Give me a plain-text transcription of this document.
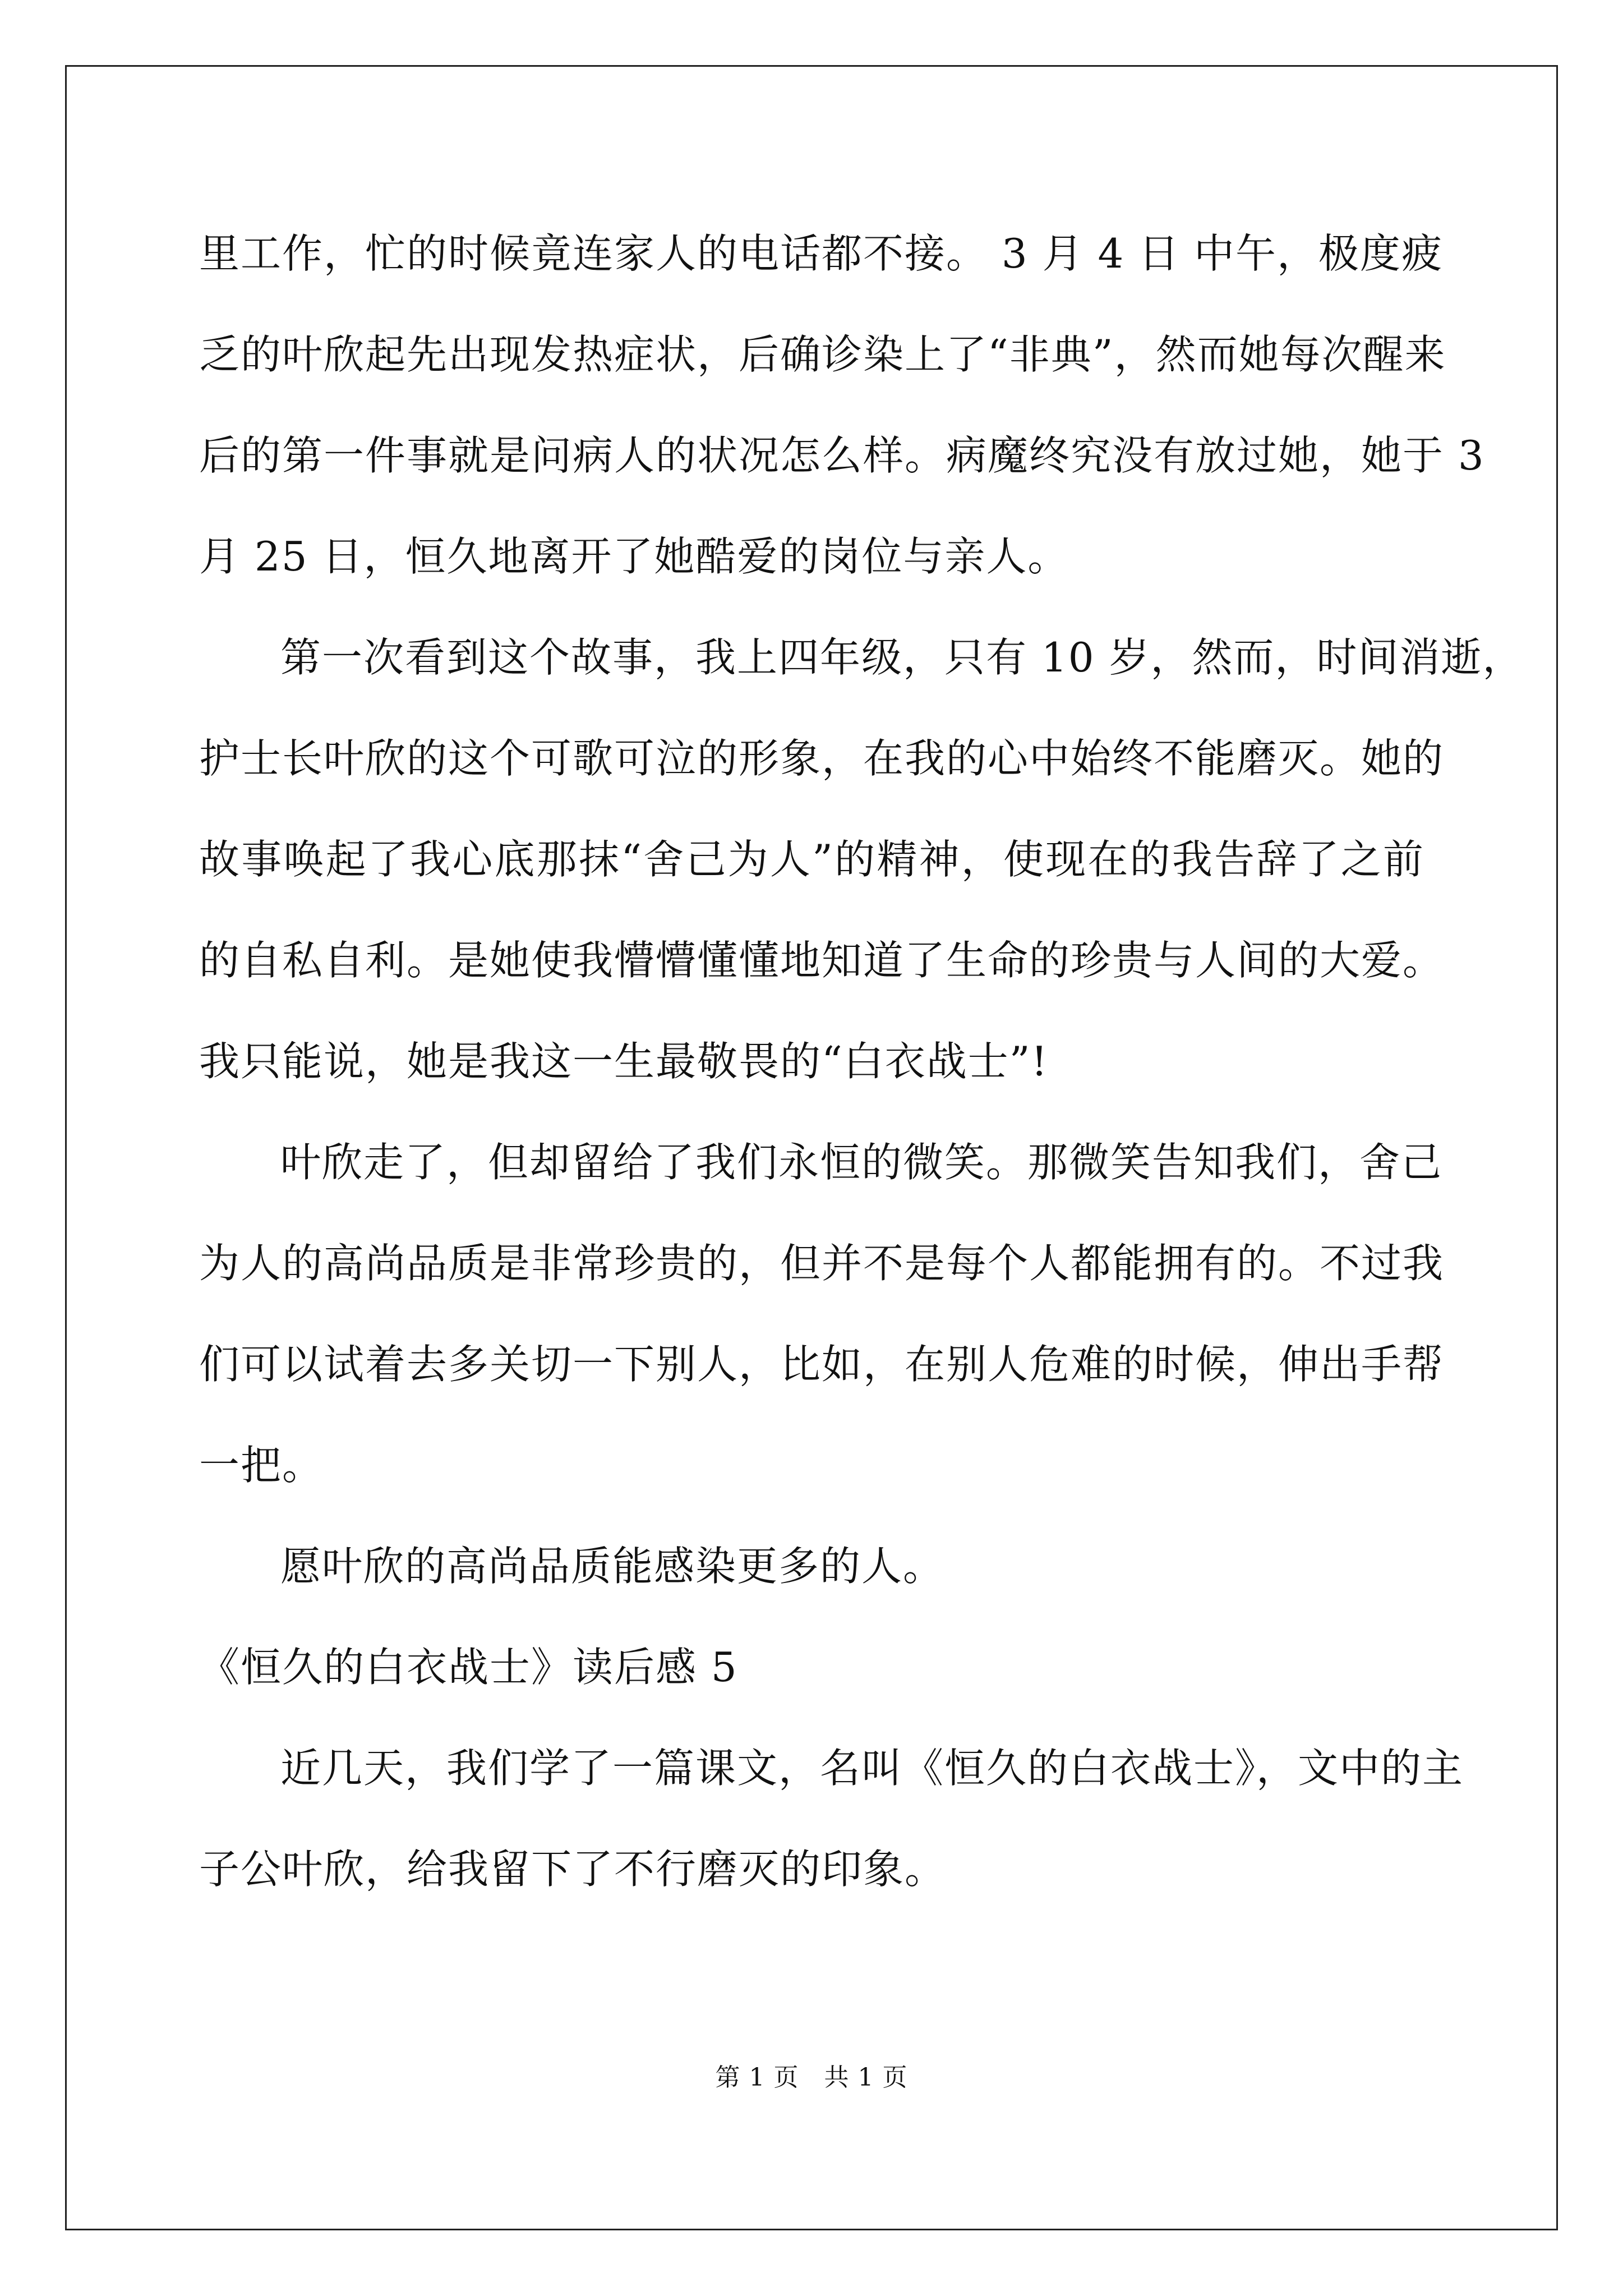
里工作，忙的时候竟连家人的电话都不接。 3 月 4 日 中午，极度疲
乏的叶欣起先出现发热症状，后确诊染上了“非典”，然而她每次醒来
后的第一件事就是问病人的状况怎么样。病魔终究没有放过她，她于 3
月 25 日，恒久地离开了她酷爱的岗位与亲人。
第一次看到这个故事，我上四年级，只有 10 岁，然而，时间消逝，
护士长叶欣的这个可歌可泣的形象，在我的心中始终不能磨灭。她的
故事唤起了我心底那抹“舍己为人”的精神，使现在的我告辞了之前
的自私自利。是她使我懵懵懂懂地知道了生命的珍贵与人间的大爱。
我只能说，她是我这一生最敬畏的“白衣战士”!
叶欣走了，但却留给了我们永恒的微笑。那微笑告知我们，舍己
为人的高尚品质是非常珍贵的，但并不是每个人都能拥有的。不过我
们可以试着去多关切一下别人，比如，在别人危难的时候，伸出手帮
一把。
愿叶欣的高尚品质能感染更多的人。
《恒久的白衣战士》读后感 5
近几天，我们学了一篇课文，名叫《恒久的白衣战士》，文中的主
子公叶欣，给我留下了不行磨灭的印象。
第 1 页　共 1 页
